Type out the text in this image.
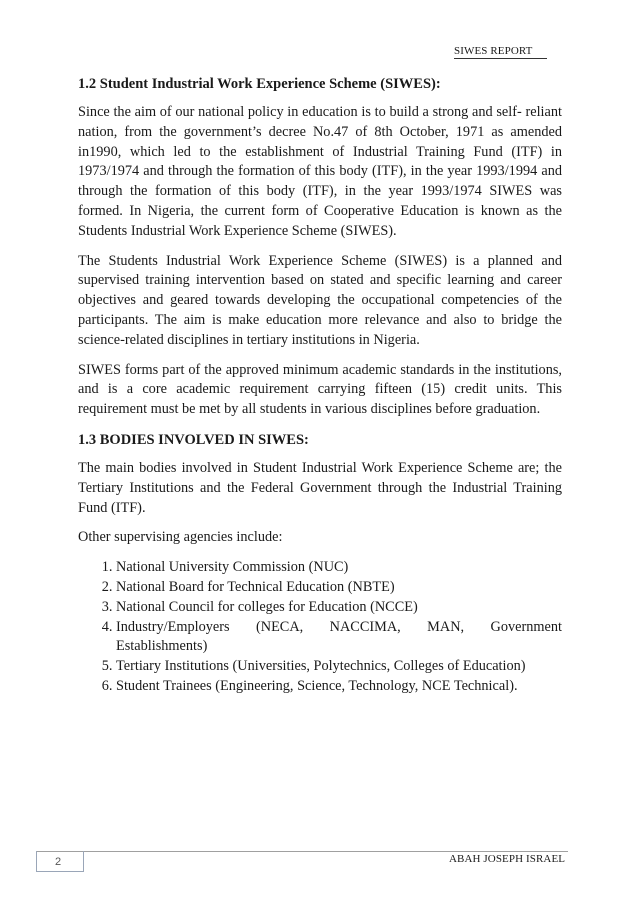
SIWES REPORT
1.2 Student Industrial Work Experience Scheme (SIWES):

Since the aim of our national policy in education is to build a strong and self- reliant nation, from the government’s decree No.47 of 8th October, 1971 as amended in1990, which led to the establishment of Industrial Training Fund (ITF) in 1973/1974 and through the formation of this body (ITF), in the year 1993/1994 and through the formation of this body (ITF), in the year 1993/1974 SIWES was formed. In Nigeria, the current form of Cooperative Education is known as the Students Industrial Work Experience Scheme (SIWES).

The Students Industrial Work Experience Scheme (SIWES) is a planned and supervised training intervention based on stated and specific learning and career objectives and geared towards developing the occupational competencies of the participants. The aim is make education more relevance and also to bridge the science-related disciplines in tertiary institutions in Nigeria.

SIWES forms part of the approved minimum academic standards in the institutions, and is a core academic requirement carrying fifteen (15) credit units. This requirement must be met by all students in various disciplines before graduation.

1.3 BODIES INVOLVED IN SIWES:

The main bodies involved in Student Industrial Work Experience Scheme are; the Tertiary Institutions and the Federal Government through the Industrial Training Fund (ITF).

Other supervising agencies include:

1. National University Commission (NUC)
2. National Board for Technical Education (NBTE)
3. National Council for colleges for Education (NCCE)
4. Industry/Employers (NECA, NACCIMA, MAN, Government Establishments)
5. Tertiary Institutions (Universities, Polytechnics, Colleges of Education)
6. Student Trainees (Engineering, Science, Technology, NCE Technical).
2	ABAH JOSEPH ISRAEL
